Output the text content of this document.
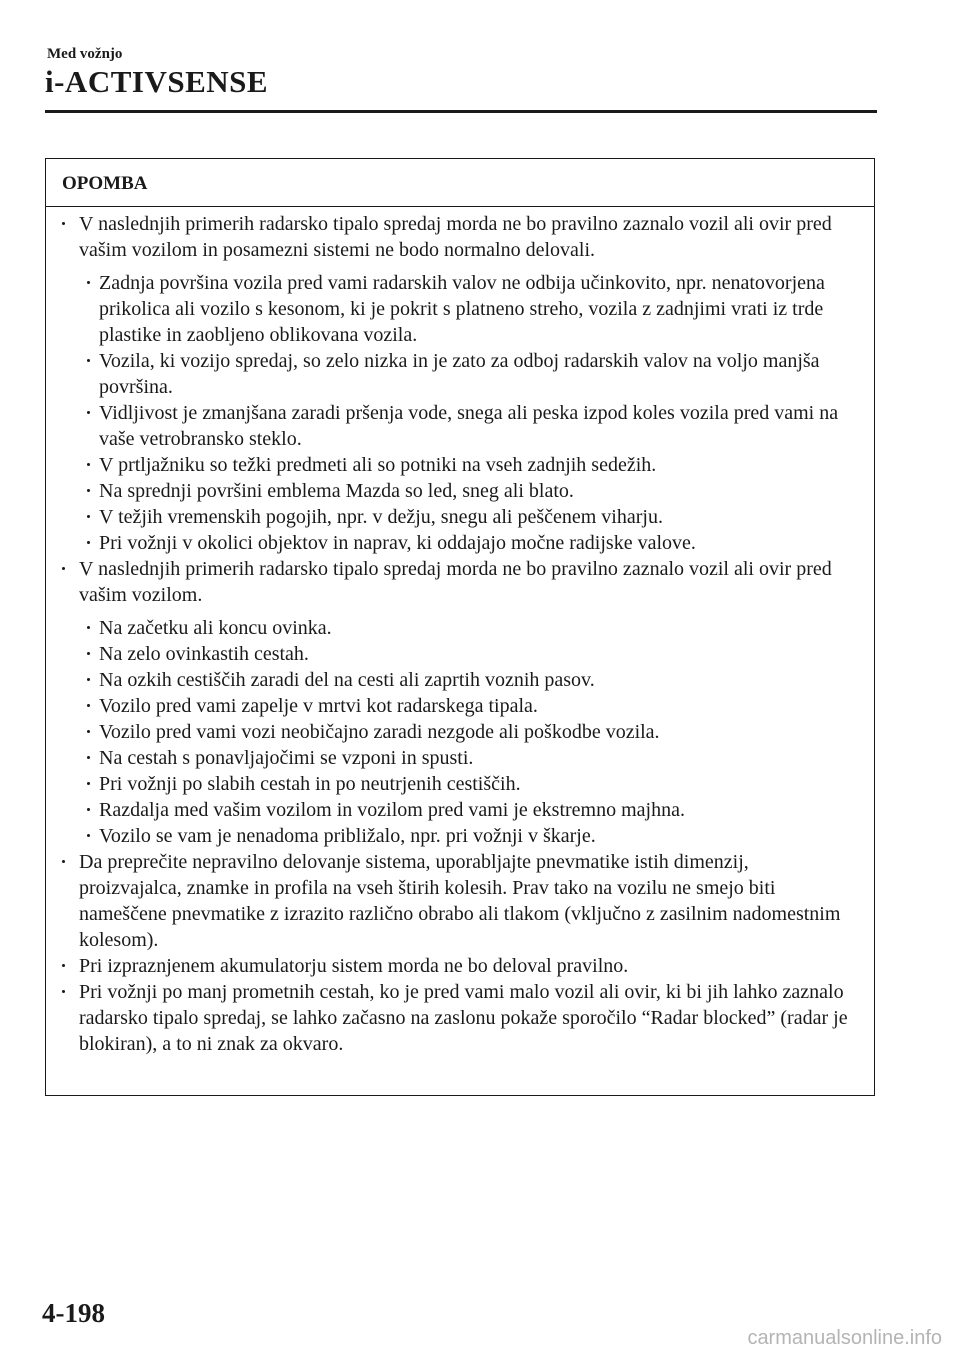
Med vožnjo
i-ACTIVSENSE
OPOMBA
V naslednjih primerih radarsko tipalo spredaj morda ne bo pravilno zaznalo vozil ali ovir pred vašim vozilom in posamezni sistemi ne bodo normalno delovali.
Zadnja površina vozila pred vami radarskih valov ne odbija učinkovito, npr. nenatovorjena prikolica ali vozilo s kesonom, ki je pokrit s platneno streho, vozila z zadnjimi vrati iz trde plastike in zaobljeno oblikovana vozila.
Vozila, ki vozijo spredaj, so zelo nizka in je zato za odboj radarskih valov na voljo manjša površina.
Vidljivost je zmanjšana zaradi pršenja vode, snega ali peska izpod koles vozila pred vami na vaše vetrobransko steklo.
V prtljažniku so težki predmeti ali so potniki na vseh zadnjih sedežih.
Na sprednji površini emblema Mazda so led, sneg ali blato.
V težjih vremenskih pogojih, npr. v dežju, snegu ali peščenem viharju.
Pri vožnji v okolici objektov in naprav, ki oddajajo močne radijske valove.
V naslednjih primerih radarsko tipalo spredaj morda ne bo pravilno zaznalo vozil ali ovir pred vašim vozilom.
Na začetku ali koncu ovinka.
Na zelo ovinkastih cestah.
Na ozkih cestiščih zaradi del na cesti ali zaprtih voznih pasov.
Vozilo pred vami zapelje v mrtvi kot radarskega tipala.
Vozilo pred vami vozi neobičajno zaradi nezgode ali poškodbe vozila.
Na cestah s ponavljajočimi se vzponi in spusti.
Pri vožnji po slabih cestah in po neutrjenih cestiščih.
Razdalja med vašim vozilom in vozilom pred vami je ekstremno majhna.
Vozilo se vam je nenadoma približalo, npr. pri vožnji v škarje.
Da preprečite nepravilno delovanje sistema, uporabljajte pnevmatike istih dimenzij, proizvajalca, znamke in profila na vseh štirih kolesih. Prav tako na vozilu ne smejo biti nameščene pnevmatike z izrazito različno obrabo ali tlakom (vključno z zasilnim nadomestnim kolesom).
Pri izpraznjenem akumulatorju sistem morda ne bo deloval pravilno.
Pri vožnji po manj prometnih cestah, ko je pred vami malo vozil ali ovir, ki bi jih lahko zaznalo radarsko tipalo spredaj, se lahko začasno na zaslonu pokaže sporočilo “Radar blocked” (radar je blokiran), a to ni znak za okvaro.
4-198
carmanualsonline.info
